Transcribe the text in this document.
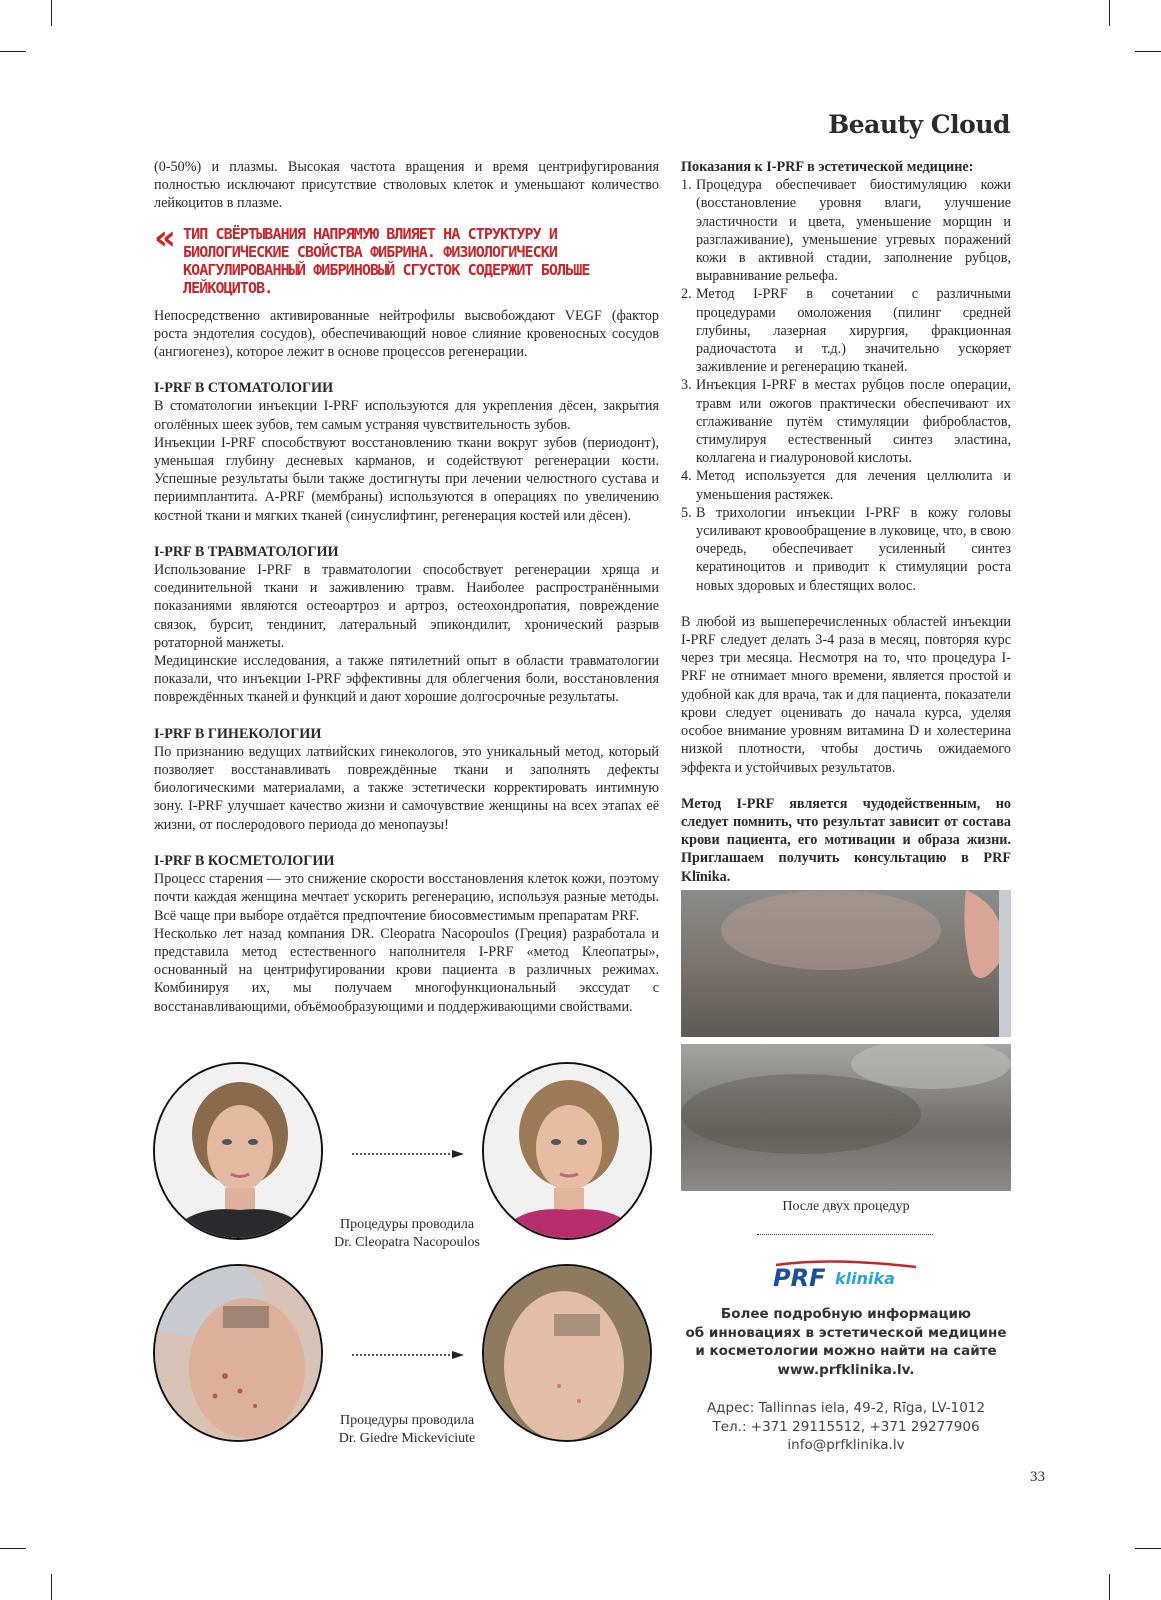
Beauty Cloud

(0-50%) и плазмы. Высокая частота вращения и время центрифугирования полностью исключают присутствие стволовых клеток и уменьшают количество лейкоцитов в плазме.

« ТИП СВЁРТЫВАНИЯ НАПРЯМУЮ ВЛИЯЕТ НА СТРУКТУРУ И БИОЛОГИЧЕСКИЕ СВОЙСТВА ФИБРИНА. ФИЗИОЛОГИЧЕСКИ КОАГУЛИРОВАННЫЙ ФИБРИНОВЫЙ СГУСТОК СОДЕРЖИТ БОЛЬШЕ ЛЕЙКОЦИТОВ.

Непосредственно активированные нейтрофилы высвобождают VEGF (фактор роста эндотелия сосудов), обеспечивающий новое слияние кровеносных сосудов (ангиогенез), которое лежит в основе процессов регенерации.

I-PRF В СТОМАТОЛОГИИ

В стоматологии инъекции I-PRF используются для укрепления дёсен, закрытия оголённых шеек зубов, тем самым устраняя чувствительность зубов.

Инъекции I-PRF способствуют восстановлению ткани вокруг зубов (периодонт), уменьшая глубину десневых карманов, и содействуют регенерации кости. Успешные результаты были также достигнуты при лечении челюстного сустава и периимплантита. A-PRF (мембраны) используются в операциях по увеличению костной ткани и мягких тканей (синуслифтинг, регенерация костей или дёсен).

I-PRF В ТРАВМАТОЛОГИИ

Использование I-PRF в травматологии способствует регенерации хряща и соединительной ткани и заживлению травм. Наиболее распространёнными показаниями являются остеоартроз и артроз, остеохондропатия, повреждение связок, бурсит, тендинит, латеральный эпикондилит, хронический разрыв ротаторной манжеты.

Медицинские исследования, а также пятилетний опыт в области травматологии показали, что инъекции I-PRF эффективны для облегчения боли, восстановления повреждённых тканей и функций и дают хорошие долгосрочные результаты.

I-PRF В ГИНЕКОЛОГИИ

По признанию ведущих латвийских гинекологов, это уникальный метод, который позволяет восстанавливать повреждённые ткани и заполнять дефекты биологическими материалами, а также эстетически корректировать интимную зону. I-PRF улучшает качество жизни и самочувствие женщины на всех этапах её жизни, от послеродового периода до менопаузы!

I-PRF В КОСМЕТОЛОГИИ

Процесс старения — это снижение скорости восстановления клеток кожи, поэтому почти каждая женщина мечтает ускорить регенерацию, используя разные методы. Всё чаще при выборе отдаётся предпочтение биосовместимым препаратам PRF.

Несколько лет назад компания DR. Cleopatra Nacopoulos (Греция) разработала и представила метод естественного наполнителя I-PRF «метод Клеопатры», основанный на центрифугировании крови пациента в различных режимах. Комбинируя их, мы получаем многофункциональный экссудат с восстанавливающими, объёмообразующими и поддерживающими свойствами.

Процедуры проводила
Dr. Cleopatra Nacopoulos
Процедуры проводила
Dr. Giedre Mickeviciute

Показания к I-PRF в эстетической медицине:

1. Процедура обеспечивает биостимуляцию кожи (восстановление уровня влаги, улучшение эластичности и цвета, уменьшение морщин и разглаживание), уменьшение угревых поражений кожи в активной стадии, заполнение рубцов, выравнивание рельефа.
2. Метод I-PRF в сочетании с различными процедурами омоложения (пилинг средней глубины, лазерная хирургия, фракционная радиочастота и т.д.) значительно ускоряет заживление и регенерацию тканей.
3. Инъекция I-PRF в местах рубцов после операции, травм или ожогов практически обеспечивают их сглаживание путём стимуляции фибробластов, стимулируя естественный синтез эластина, коллагена и гиалуроновой кислоты.
4. Метод используется для лечения целлюлита и уменьшения растяжек.
5. В трихологии инъекции I-PRF в кожу головы усиливают кровообращение в луковице, что, в свою очередь, обеспечивает усиленный синтез кератиноцитов и приводит к стимуляции роста новых здоровых и блестящих волос.

В любой из вышеперечисленных областей инъекции I-PRF следует делать 3-4 раза в месяц, повторяя курс через три месяца. Несмотря на то, что процедура I-PRF не отнимает много времени, является простой и удобной как для врача, так и для пациента, показатели крови следует оценивать до начала курса, уделяя особое внимание уровням витамина D и холестерина низкой плотности, чтобы достичь ожидаемого эффекта и устойчивых результатов.

Метод I-PRF является чудодейственным, но следует помнить, что результат зависит от состава крови пациента, его мотивации и образа жизни. Приглашаем получить консультацию в PRF Klīnika.

После двух процедур
PRF klinika
Более подробную информацию
об инновациях в эстетической медицине
и косметологии можно найти на сайте
www.prfklinika.lv.
Адрес: Tallinnas iela, 49-2, Rīga, LV-1012
Тел.: +371 29115512, +371 29277906
info@prfklinika.lv
33
